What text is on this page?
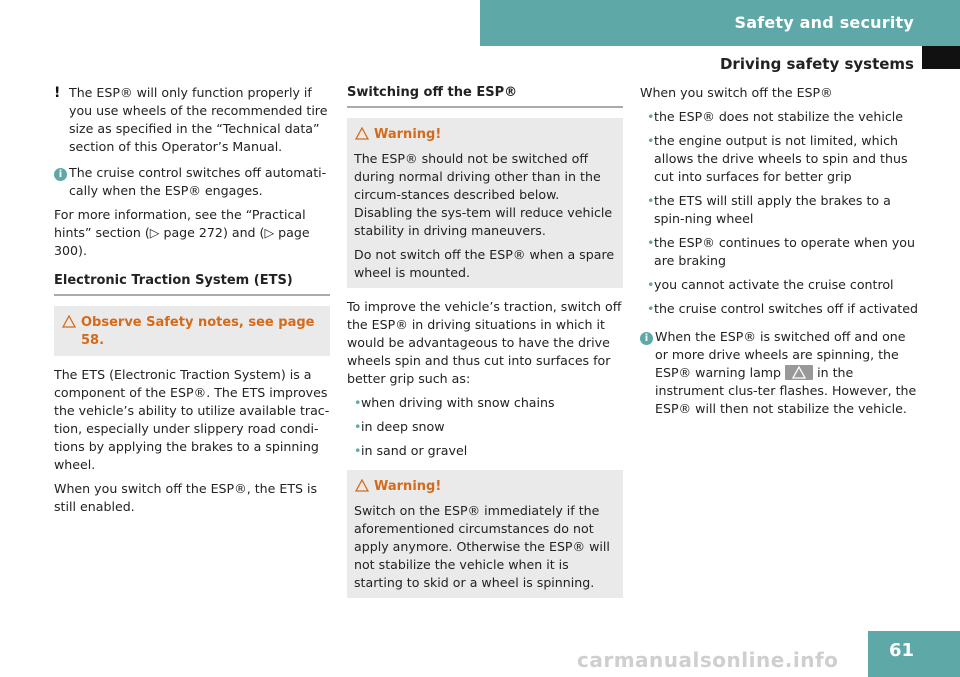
Safety and security
Driving safety systems

! The ESP® will only function properly if you use wheels of the recommended tire size as specified in the “Technical data” section of this Operator’s Manual.

i The cruise control switches off automati-cally when the ESP® engages.

For more information, see the “Practical hints” section (▷ page 272) and (▷ page 300).

Electronic Traction System (ETS)
Observe Safety notes, see page 58.

The ETS (Electronic Traction System) is a component of the ESP®. The ETS improves the vehicle’s ability to utilize available trac-tion, especially under slippery road condi-tions by applying the brakes to a spinning wheel.

When you switch off the ESP®, the ETS is still enabled.

Switching off the ESP®
Warning!

The ESP® should not be switched off during normal driving other than in the circum-stances described below. Disabling the sys-tem will reduce vehicle stability in driving maneuvers.

Do not switch off the ESP® when a spare wheel is mounted.

To improve the vehicle’s traction, switch off the ESP® in driving situations in which it would be advantageous to have the drive wheels spin and thus cut into surfaces for better grip such as:

• when driving with snow chains

• in deep snow

• in sand or gravel

Warning!

Switch on the ESP® immediately if the aforementioned circumstances do not apply anymore. Otherwise the ESP® will not stabilize the vehicle when it is starting to skid or a wheel is spinning.

When you switch off the ESP®

• the ESP® does not stabilize the vehicle

• the engine output is not limited, which allows the drive wheels to spin and thus cut into surfaces for better grip

• the ETS will still apply the brakes to a spin-ning wheel

• the ESP® continues to operate when you are braking

• you cannot activate the cruise control

• the cruise control switches off if activated

i When the ESP® is switched off and one or more drive wheels are spinning, the ESP® warning lamp	in the instrument clus-ter flashes. However, the ESP® will then not stabilize the vehicle.

carmanualsonline.info	61
